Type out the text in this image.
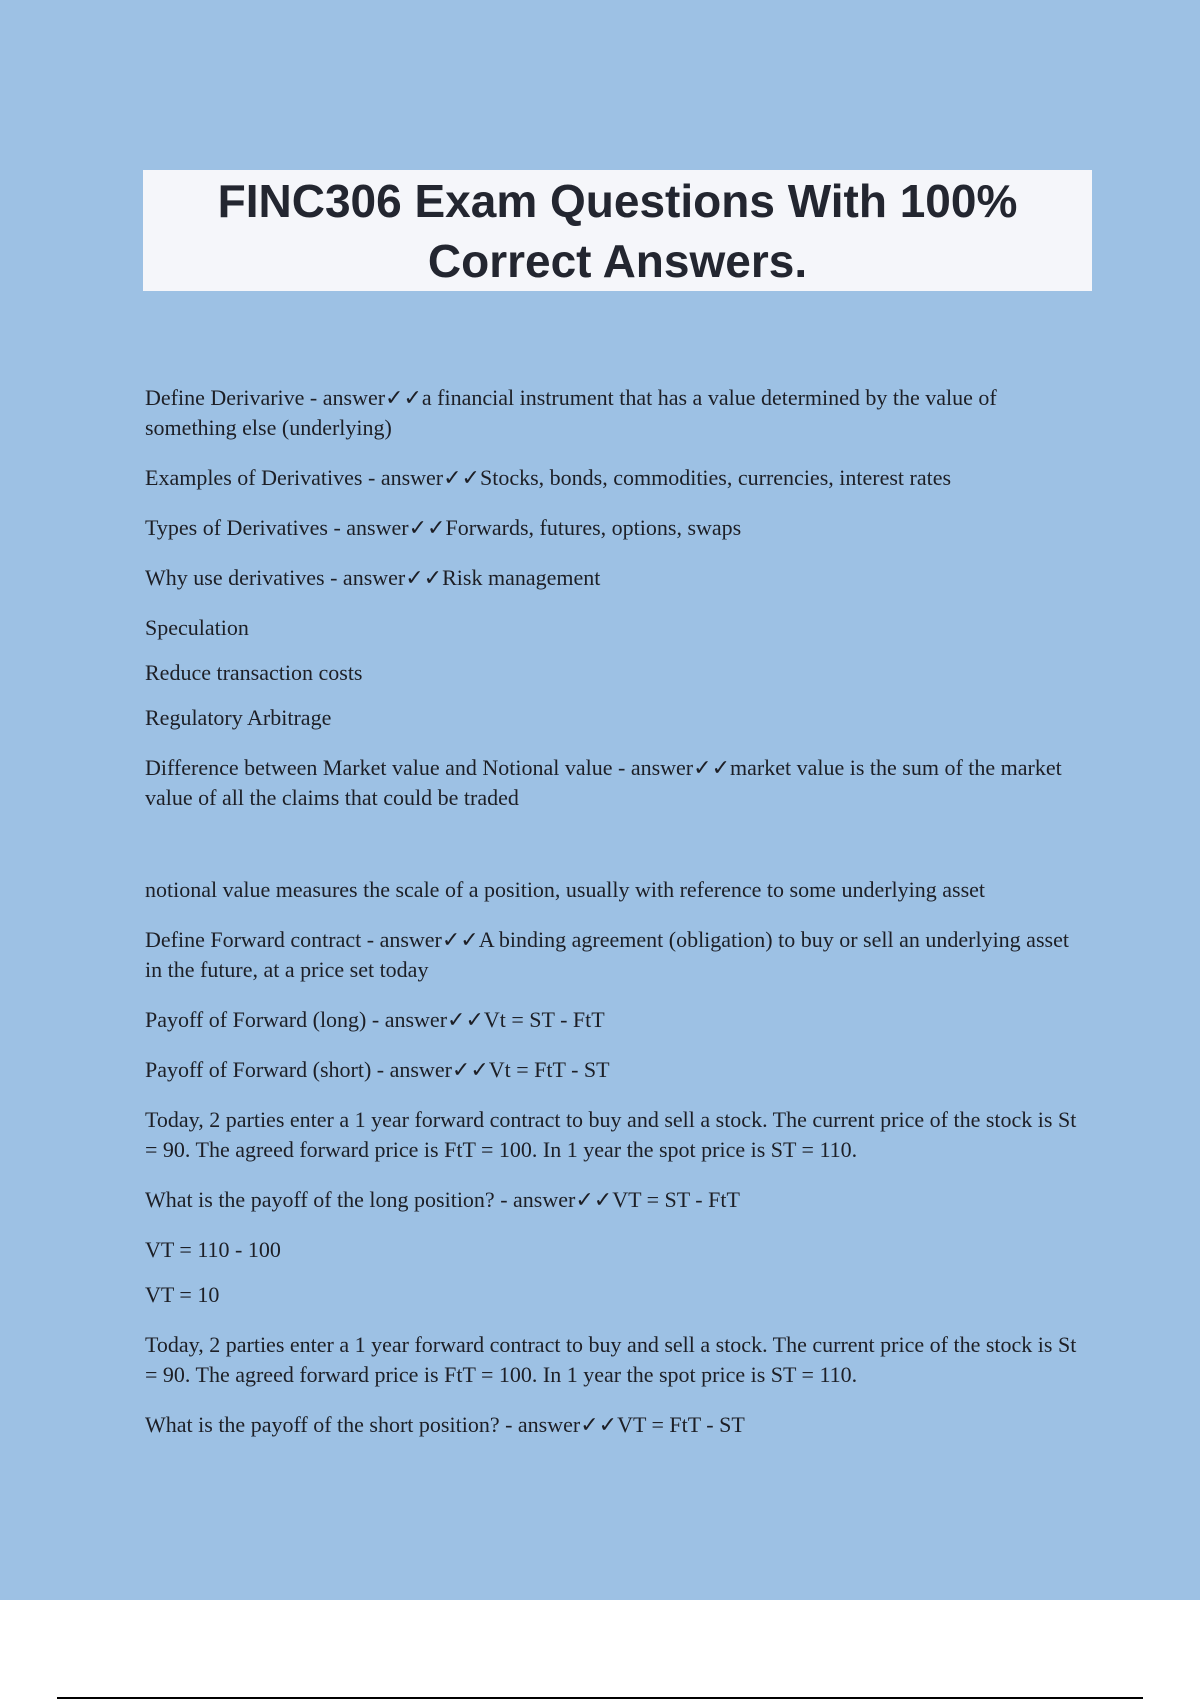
FINC306 Exam Questions With 100% Correct Answers.

Define Derivarive - answer✓✓a financial instrument that has a value determined by the value of something else (underlying)

Examples of Derivatives - answer✓✓Stocks, bonds, commodities, currencies, interest rates

Types of Derivatives - answer✓✓Forwards, futures, options, swaps

Why use derivatives - answer✓✓Risk management

Speculation

Reduce transaction costs

Regulatory Arbitrage

Difference between Market value and Notional value - answer✓✓market value is the sum of the market value of all the claims that could be traded

notional value measures the scale of a position, usually with reference to some underlying asset

Define Forward contract - answer✓✓A binding agreement (obligation) to buy or sell an underlying asset in the future, at a price set today

Payoff of Forward (long) - answer✓✓Vt = ST - FtT

Payoff of Forward (short) - answer✓✓Vt = FtT - ST

Today, 2 parties enter a 1 year forward contract to buy and sell a stock. The current price of the stock is St = 90. The agreed forward price is FtT = 100. In 1 year the spot price is ST = 110.

What is the payoff of the long position? - answer✓✓VT = ST - FtT

VT = 110 - 100

VT = 10

Today, 2 parties enter a 1 year forward contract to buy and sell a stock. The current price of the stock is St = 90. The agreed forward price is FtT = 100. In 1 year the spot price is ST = 110.

What is the payoff of the short position? - answer✓✓VT = FtT - ST
